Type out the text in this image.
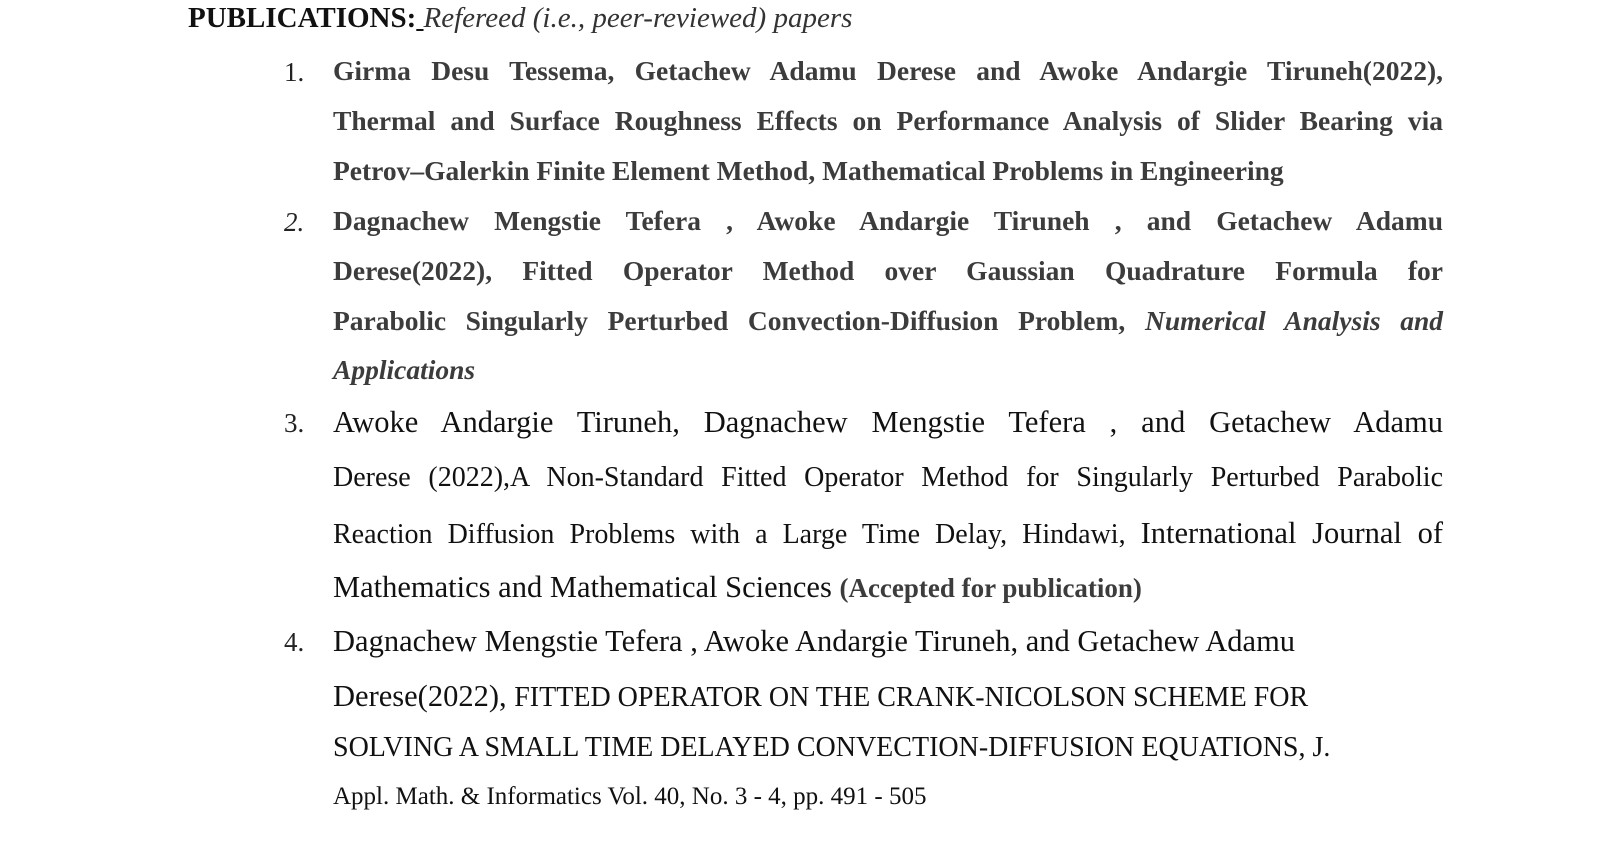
PUBLICATIONS: Refereed (i.e., peer-reviewed) papers
1.	Girma Desu Tessema, Getachew Adamu Derese and Awoke Andargie Tiruneh(2022),
Thermal and Surface Roughness Effects on Performance Analysis of Slider Bearing via
Petrov–Galerkin Finite Element Method, Mathematical Problems in Engineering
2.	Dagnachew Mengstie Tefera , Awoke Andargie Tiruneh , and Getachew Adamu
Derese(2022), Fitted Operator Method over Gaussian Quadrature Formula for
Parabolic Singularly Perturbed Convection-Diffusion Problem, Numerical Analysis and
Applications
3. Awoke Andargie Tiruneh, Dagnachew Mengstie Tefera , and Getachew Adamu
Derese (2022),A Non-Standard Fitted Operator Method for Singularly Perturbed Parabolic
Reaction Diffusion Problems with a Large Time Delay, Hindawi, International Journal of
Mathematics and Mathematical Sciences (Accepted for publication)
4. Dagnachew Mengstie Tefera , Awoke Andargie Tiruneh, and Getachew Adamu
Derese(2022), FITTED OPERATOR ON THE CRANK-NICOLSON SCHEME FOR
SOLVING A SMALL TIME DELAYED CONVECTION-DIFFUSION EQUATIONS, J.
Appl. Math. & Informatics Vol. 40, No. 3 - 4, pp. 491 - 505
